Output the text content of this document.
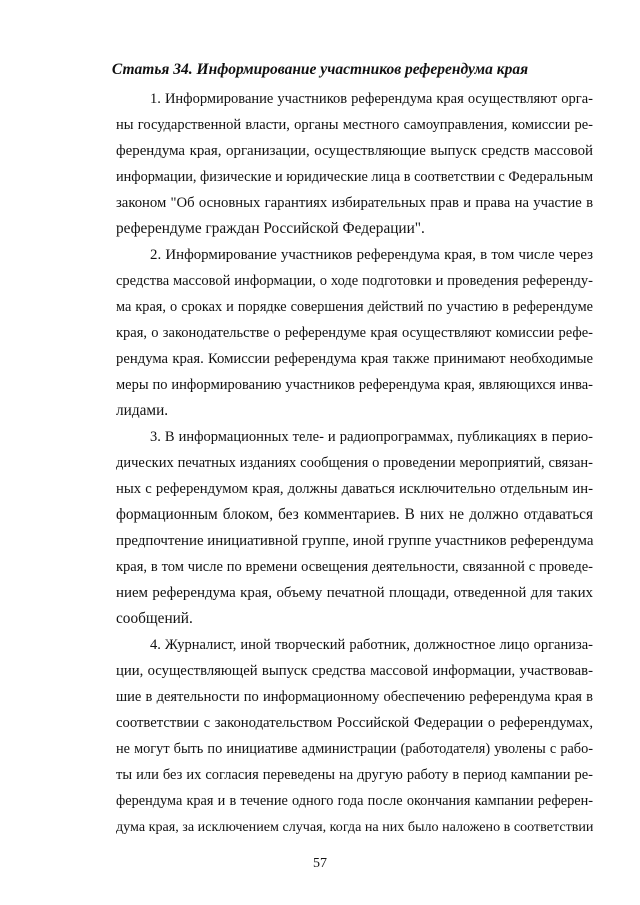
Статья 34. Информирование участников референдума края
1. Информирование участников референдума края осуществляют орга-
ны государственной власти, органы местного самоуправления, комиссии ре-
ферендума края, организации, осуществляющие выпуск средств массовой
информации, физические и юридические лица в соответствии с Федеральным
законом "Об основных гарантиях избирательных прав и права на участие в
референдуме граждан Российской Федерации".
2. Информирование участников референдума края, в том числе через
средства массовой информации, о ходе подготовки и проведения референду-
ма края, о сроках и порядке совершения действий по участию в референдуме
края, о законодательстве о референдуме края осуществляют комиссии рефе-
рендума края. Комиссии референдума края также принимают необходимые
меры по информированию участников референдума края, являющихся инва-
лидами.
3. В информационных теле- и радиопрограммах, публикациях в перио-
дических печатных изданиях сообщения о проведении мероприятий, связан-
ных с референдумом края, должны даваться исключительно отдельным ин-
формационным блоком, без комментариев. В них не должно отдаваться
предпочтение инициативной группе, иной группе участников референдума
края, в том числе по времени освещения деятельности, связанной с проведе-
нием референдума края, объему печатной площади, отведенной для таких
сообщений.
4. Журналист, иной творческий работник, должностное лицо организа-
ции, осуществляющей выпуск средства массовой информации, участвовав-
шие в деятельности по информационному обеспечению референдума края в
соответствии с законодательством Российской Федерации о референдумах,
не могут быть по инициативе администрации (работодателя) уволены с рабо-
ты или без их согласия переведены на другую работу в период кампании ре-
ферендума края и в течение одного года после окончания кампании референ-
дума края, за исключением случая, когда на них было наложено в соответствии
57
